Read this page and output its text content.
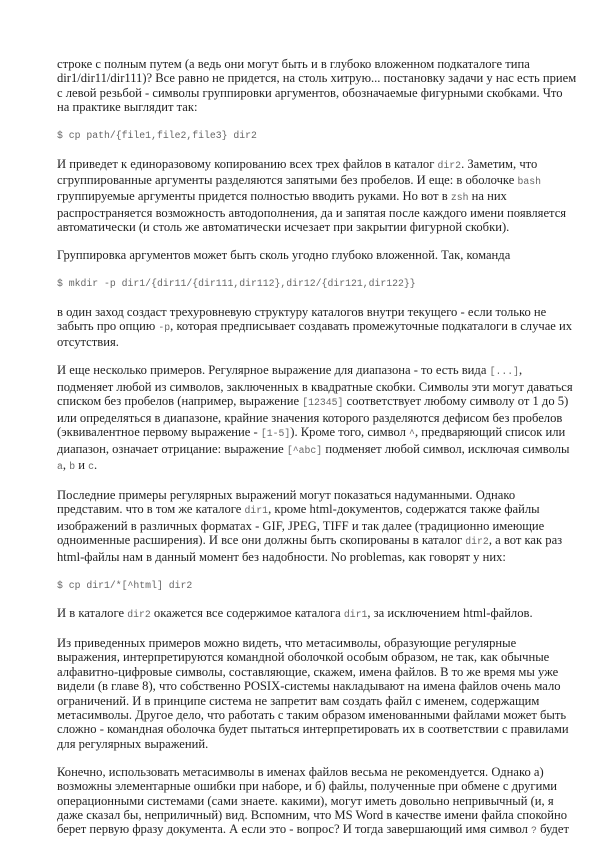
строке с полным путем (а ведь они могут быть и в глубоко вложенном подкаталоге типа
dir1/dir11/dir111)? Все равно не придется, на столь хитрую... постановку задачи у нас есть прием
с левой резьбой - символы группировки аргументов, обозначаемые фигурными скобками. Что
на практике выглядит так:
$ cp path/{file1,file2,file3} dir2
И приведет к единоразовому копированию всех трех файлов в каталог dir2. Заметим, что
сгруппированные аргументы разделяются запятыми без пробелов. И еще: в оболочке bash
группируемые аргументы придется полностью вводить руками. Но вот в zsh на них
распространяется возможность автодополнения, да и запятая после каждого имени появляется
автоматически (и столь же автоматически исчезает при закрытии фигурной скобки).
Группировка аргументов может быть сколь угодно глубоко вложенной. Так, команда
$ mkdir -p dir1/{dir11/{dir111,dir112},dir12/{dir121,dir122}}
в один заход создаст трехуровневую структуру каталогов внутри текущего - если только не
забыть про опцию -p, которая предписывает создавать промежуточные подкаталоги в случае их
отсутствия.
И еще несколько примеров. Регулярное выражение для диапазона - то есть вида [...],
подменяет любой из символов, заключенных в квадратные скобки. Символы эти могут даваться
списком без пробелов (например, выражение [12345] соответствует любому символу от 1 до 5)
или определяться в диапазоне, крайние значения которого разделяются дефисом без пробелов
(эквивалентное первому выражение - [1-5]). Кроме того, символ ^, предваряющий список или
диапазон, означает отрицание: выражение [^abc] подменяет любой символ, исключая символы
a, b и c.
Последние примеры регулярных выражений могут показаться надуманными. Однако
представим. что в том же каталоге dir1, кроме html-документов, содержатся также файлы
изображений в различных форматах - GIF, JPEG, TIFF и так далее (традиционно имеющие
одноименные расширения). И все они должны быть скопированы в каталог dir2, а вот как раз
html-файлы нам в данный момент без надобности. No problemas, как говорят у них:
$ cp dir1/*[^html] dir2
И в каталоге dir2 окажется все содержимое каталога dir1, за исключением html-файлов.
Из приведенных примеров можно видеть, что метасимволы, образующие регулярные
выражения, интерпретируются командной оболочкой особым образом, не так, как обычные
алфавитно-цифровые символы, составляющие, скажем, имена файлов. В то же время мы уже
видели (в главе 8), что собственно POSIX-системы накладывают на имена файлов очень мало
ограничений. И в принципе система не запретит вам создать файл с именем, содержащим
метасимволы. Другое дело, что работать с таким образом именованными файлами может быть
сложно - командная оболочка будет пытаться интерпретировать их в соответствии с правилами
для регулярных выражений.
Конечно, использовать метасимволы в именах файлов весьма не рекомендуется. Однако а)
возможны элементарные ошибки при наборе, и б) файлы, полученные при обмене с другими
операционными системами (сами знаете. какими), могут иметь довольно непривычный (и, я
даже сказал бы, неприличный) вид. Вспомним, что MS Word в качестве имени файла спокойно
берет первую фразу документа. А если это - вопрос? И тогда завершающий имя символ ? будет
